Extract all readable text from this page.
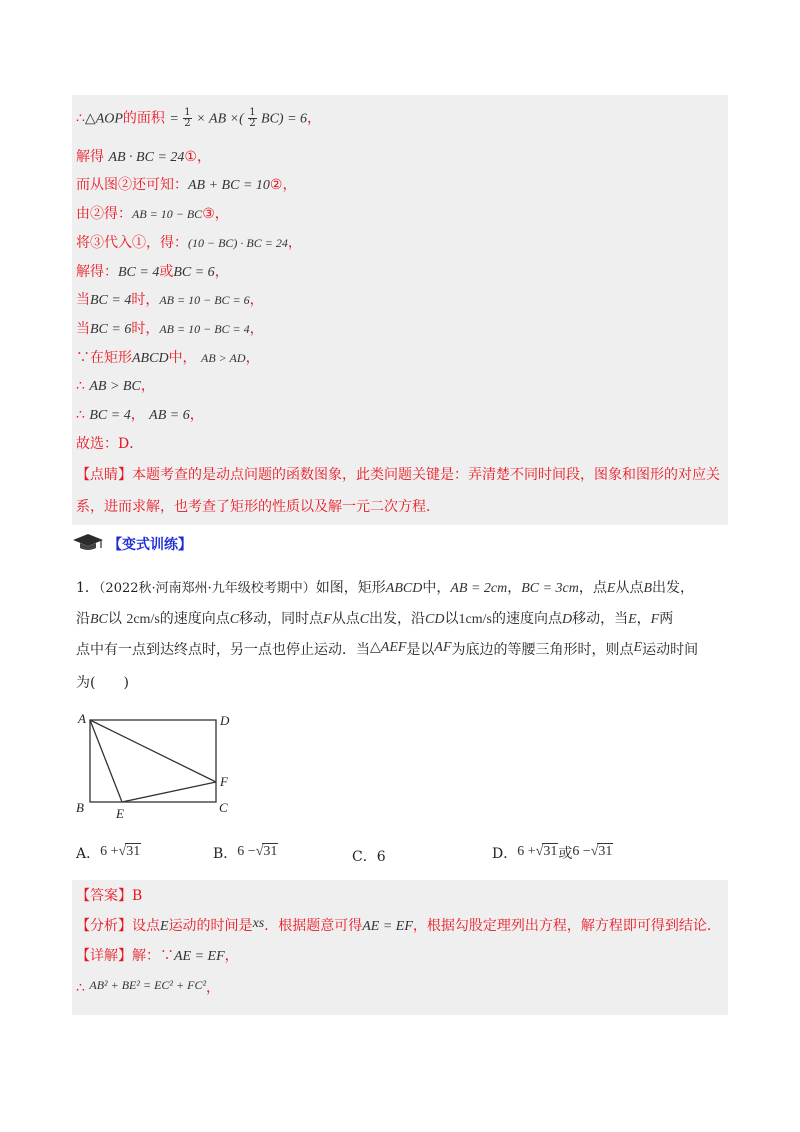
∴△AOP的面积 = $\frac{1}{2}$ × AB ×( $\frac{1}{2} BC) = 6$，
解得 AB · BC = 24①，
而从图②还可知：AB + BC = 10②，
由②得：AB = 10 − BC③，
将③代入①，得：(10 − BC) · BC = 24，
解得：BC = 4或BC = 6，
当BC = 4时，AB = 10 − BC = 6，
当BC = 6时，AB = 10 − BC = 4，
∵在矩形ABCD中， AB > AD，
∴ AB > BC，
∴ BC = 4， AB = 6，
故选：D．
【点睛】本题考查的是动点问题的函数图象，此类问题关键是：弄清楚不同时间段，图象和图形的对应关
系，进而求解，也考查了矩形的性质以及解一元二次方程．
【变式训练】
1．（2022秋·河南郑州·九年级校考期中）如图，矩形ABCD中，AB = 2cm，BC = 3cm，点E从点B出发，
沿BC以 2cm/s的速度向点C移动，同时点F从点C出发，沿CD以1cm/s的速度向点D移动，当E，F两
点中有一点到达终点时，另一点也停止运动．当△AEF是以AF为底边的等腰三角形时，则点E运动时间
为(　　)
A	D
F
B E	C
A．6 +√31	B．6 −√31	C．6	D．6 +√31或6 −√31
【答案】B
【分析】设点E运动的时间是xs．根据题意可得AE = EF，根据勾股定理列出方程，解方程即可得到结论．
【详解】解：∵AE = EF，
∴ AB² + BE² = EC² + FC²，
